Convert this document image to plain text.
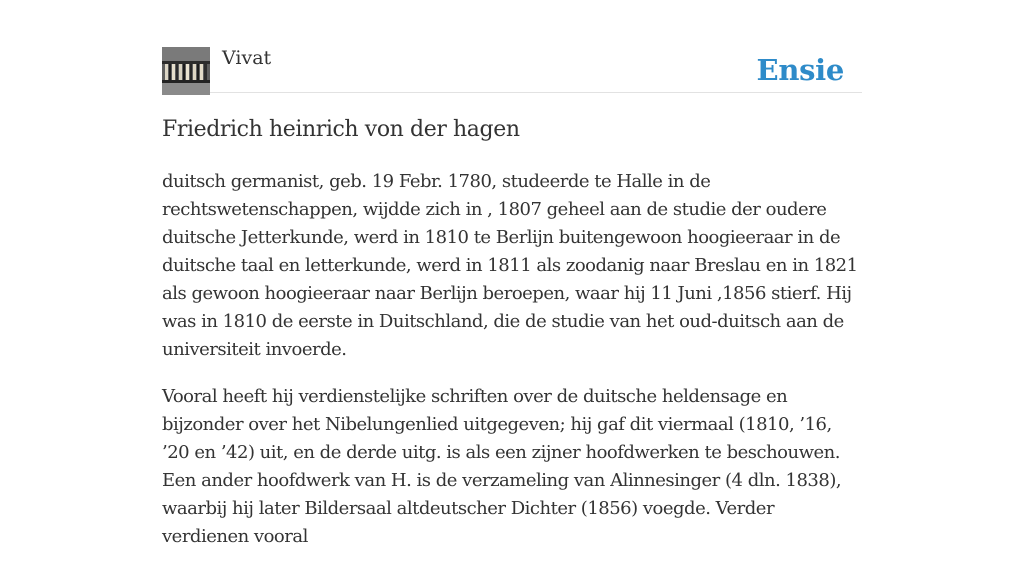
Vivat	Ensie
Friedrich heinrich von der hagen

duitsch germanist, geb. 19 Febr. 1780, studeerde te Halle in de rechtswetenschappen, wijdde zich in , 1807 geheel aan de studie der oudere duitsche Jetterkunde, werd in 1810 te Berlijn buitengewoon hoogieeraar in de duitsche taal en letterkunde, werd in 1811 als zoodanig naar Breslau en in 1821 als gewoon hoogieeraar naar Berlijn beroepen, waar hij 11 Juni ,1856 stierf. Hij was in 1810 de eerste in Duitschland, die de studie van het oud-duitsch aan de universiteit invoerde.

Vooral heeft hij verdienstelijke schriften over de duitsche heldensage en bijzonder over het Nibelungenlied uitgegeven; hij gaf dit viermaal (1810, ’16, ’20 en ’42) uit, en de derde uitg. is als een zijner hoofdwerken te beschouwen. Een ander hoofdwerk van H. is de verzameling van Alinnesinger (4 dln. 1838), waarbij hij later Bildersaal altdeutscher Dichter (1856) voegde. Verder verdienen vooral
